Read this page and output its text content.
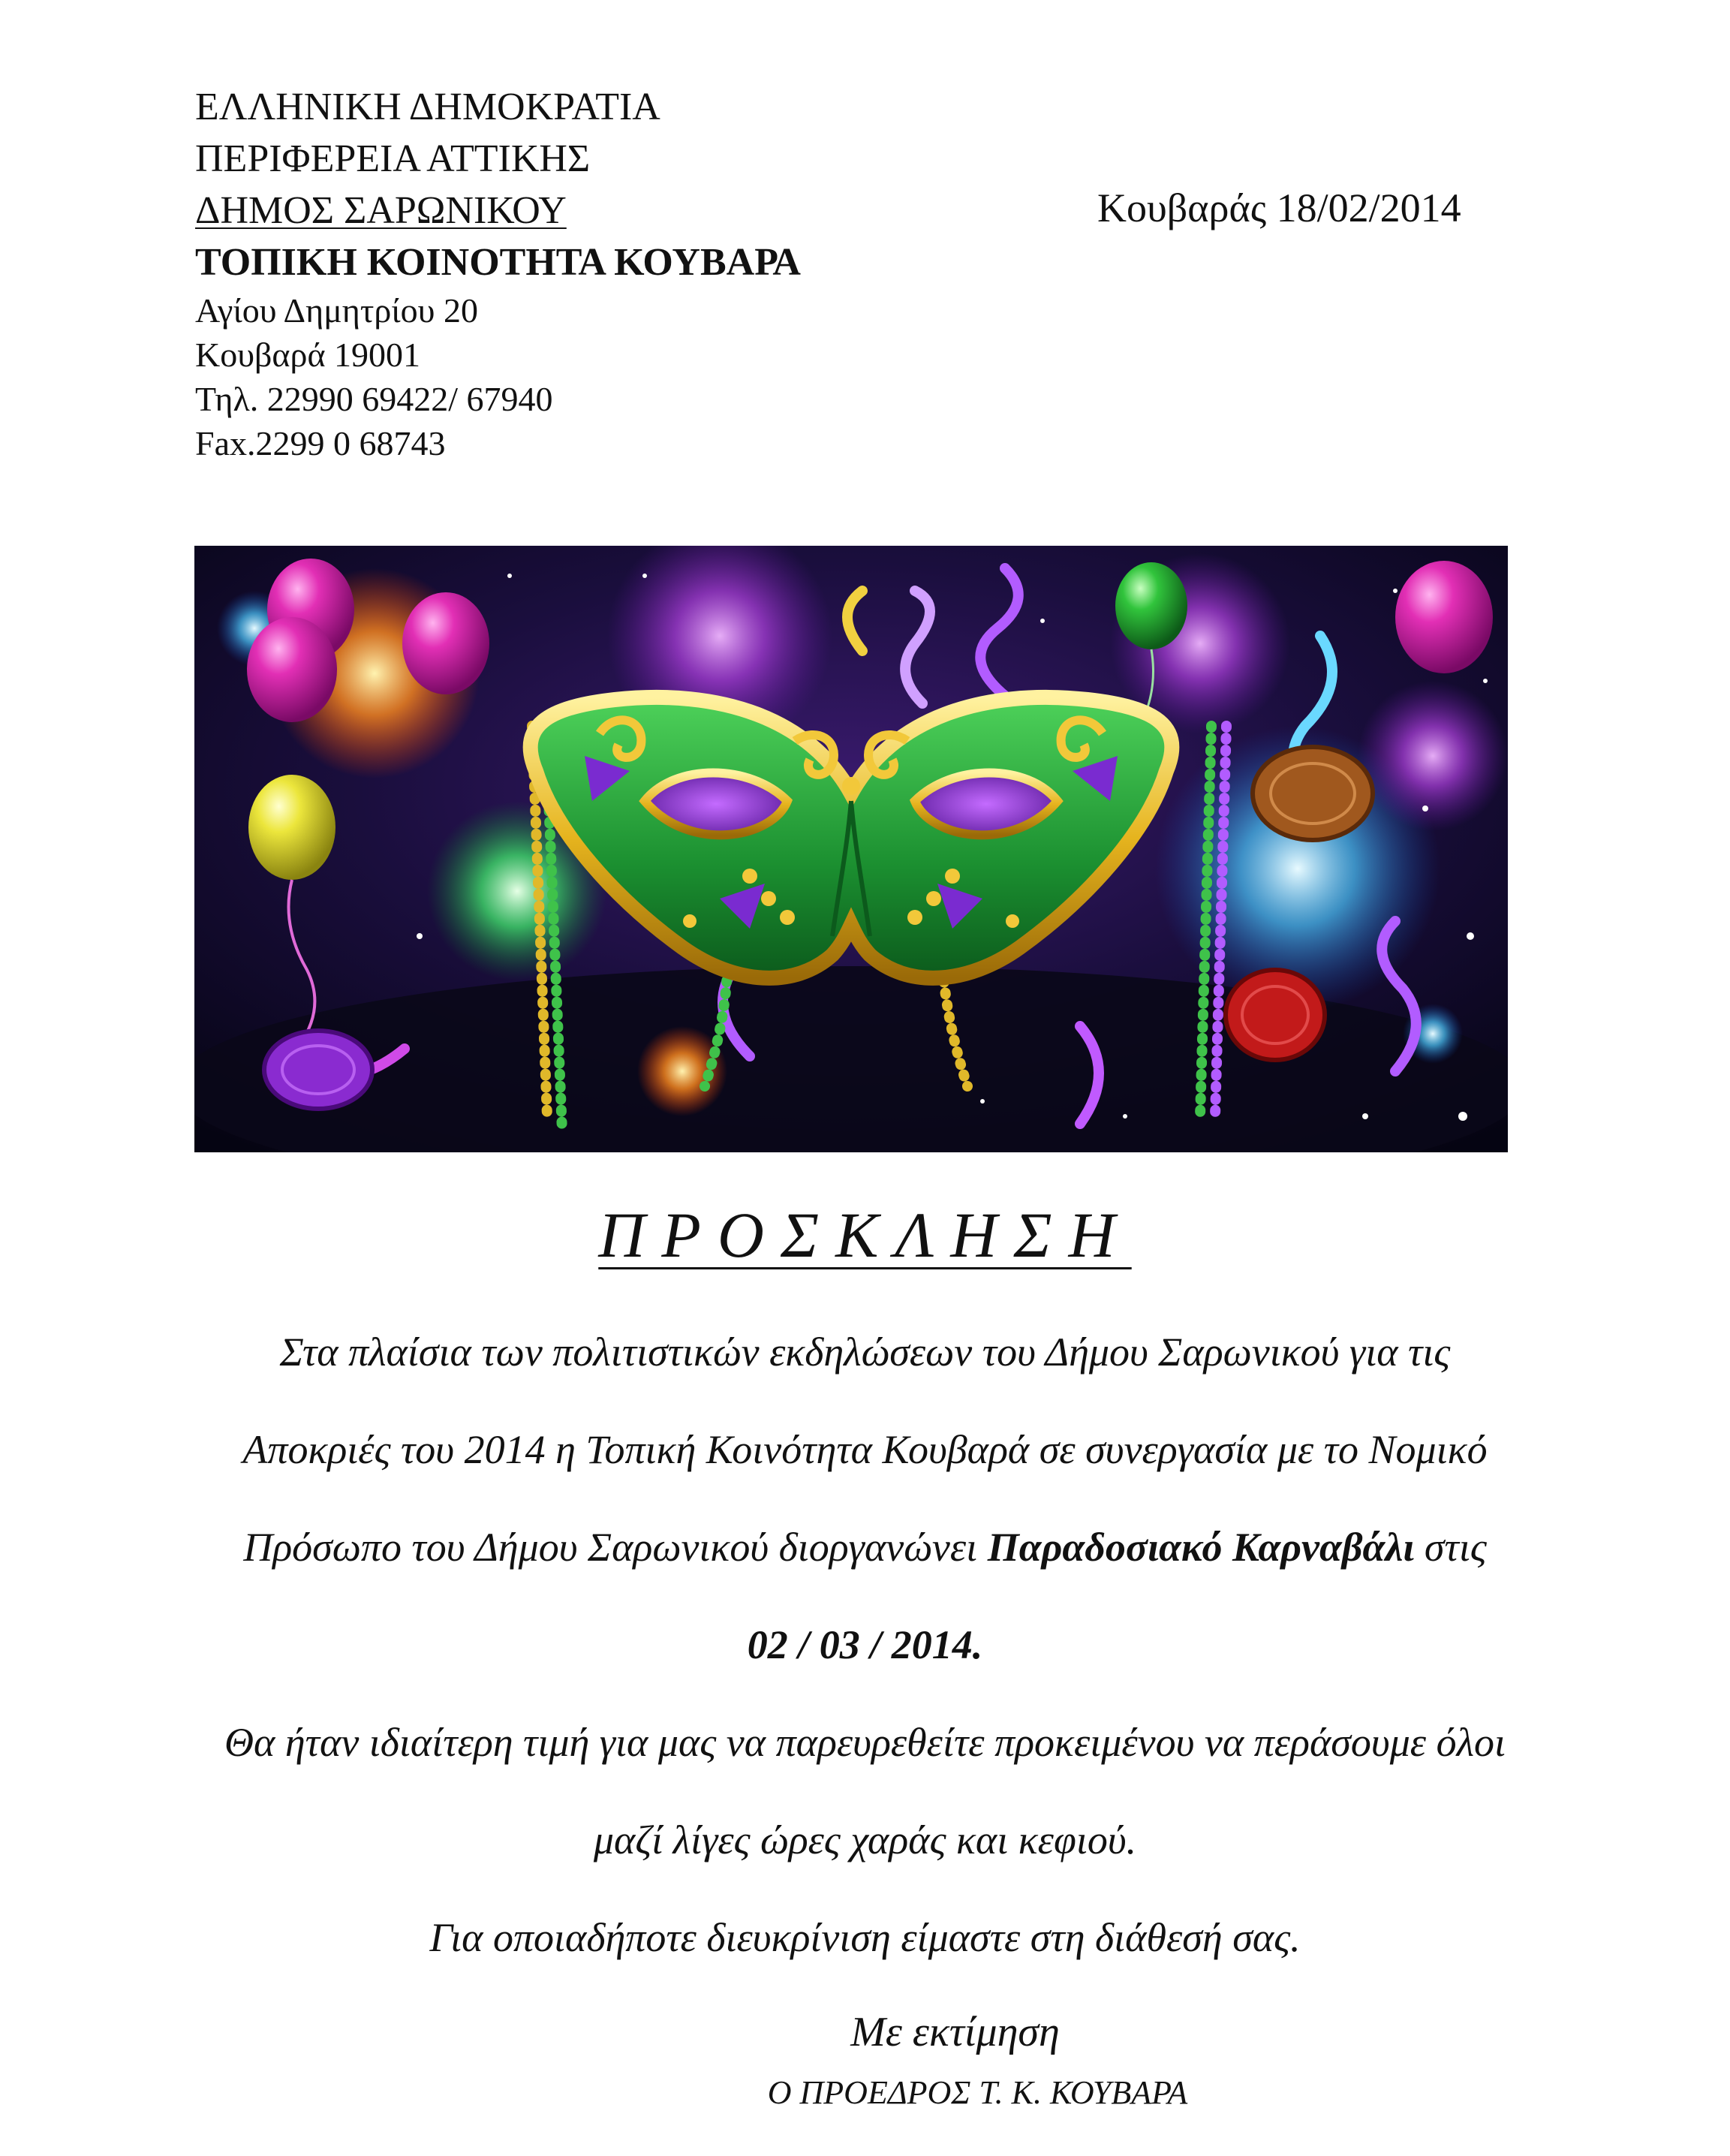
ΕΛΛΗΝΙΚΗ ΔΗΜΟΚΡΑΤΙΑ
ΠΕΡΙΦΕΡΕΙΑ ΑΤΤΙΚΗΣ
ΔΗΜΟΣ ΣΑΡΩΝΙΚΟΥ
ΤΟΠΙΚΗ ΚΟΙΝΟΤΗΤΑ ΚΟΥΒΑΡΑ
Αγίου Δημητρίου 20
Κουβαρά 19001
Τηλ. 22990 69422/ 67940
Fax.2299 0 68743
Κουβαράς 18/02/2014
ΠΡΟΣΚΛΗΣΗ
Στα πλαίσια των πολιτιστικών εκδηλώσεων του Δήμου Σαρωνικού για τις
Αποκριές του 2014 η Τοπική Κοινότητα Κουβαρά σε συνεργασία με το Νομικό
Πρόσωπο του Δήμου Σαρωνικού διοργανώνει Παραδοσιακό Καρναβάλι στις
02 / 03 / 2014.
Θα ήταν ιδιαίτερη τιμή για μας να παρευρεθείτε προκειμένου να περάσουμε όλοι
μαζί λίγες ώρες χαράς και κεφιού.
Για οποιαδήποτε διευκρίνιση είμαστε στη διάθεσή σας.
Με εκτίμηση
Ο ΠΡΟΕΔΡΟΣ Τ. Κ. ΚΟΥΒΑΡΑ
